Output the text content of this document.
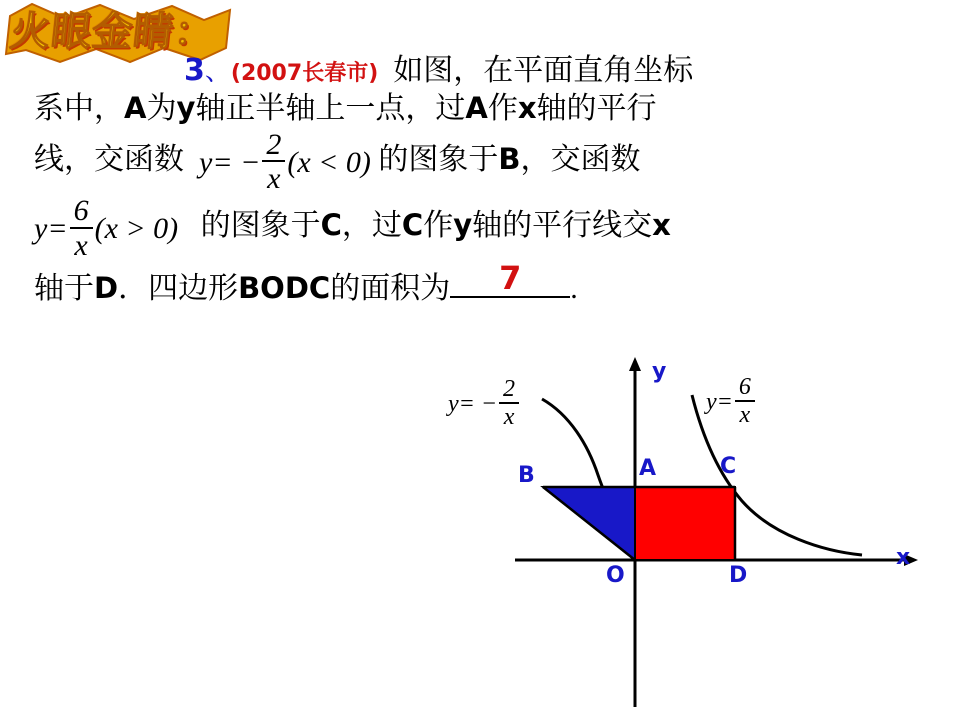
火眼金睛：
3、(2007长春市) 如图，在平面直角坐标
系中，A为y轴正半轴上一点，过A作x轴的平行
线，交函数 $y= - \frac{2}{x} (x < 0)$ 的图象于B，交函数
$y= \frac{6}{x} (x > 0)$ 的图象于C，过C作y轴的平行线交x
轴于D．四边形BODC的面积为	7	.
y
x
A
B	C
D
O
$y= - \frac{2}{x}$	$y= \frac{6}{x}$
